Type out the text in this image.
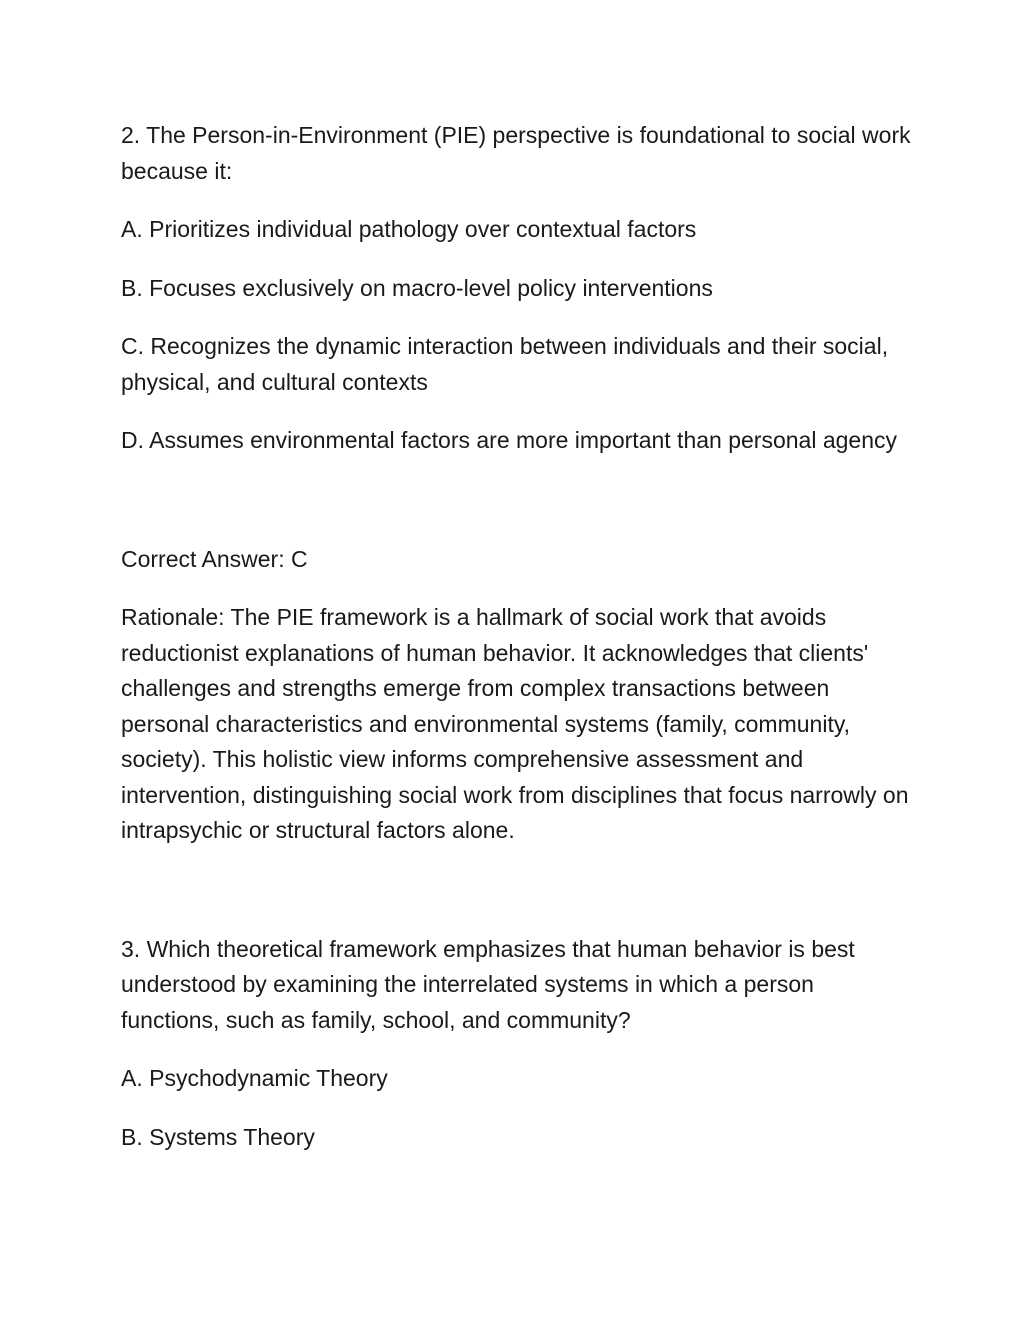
2. The Person-in-Environment (PIE) perspective is foundational to social work because it:

A. Prioritizes individual pathology over contextual factors

B. Focuses exclusively on macro-level policy interventions

C. Recognizes the dynamic interaction between individuals and their social, physical, and cultural contexts

D. Assumes environmental factors are more important than personal agency

Correct Answer: C

Rationale: The PIE framework is a hallmark of social work that avoids reductionist explanations of human behavior. It acknowledges that clients' challenges and strengths emerge from complex transactions between personal characteristics and environmental systems (family, community, society). This holistic view informs comprehensive assessment and intervention, distinguishing social work from disciplines that focus narrowly on intrapsychic or structural factors alone.

3. Which theoretical framework emphasizes that human behavior is best understood by examining the interrelated systems in which a person functions, such as family, school, and community?

A. Psychodynamic Theory

B. Systems Theory
